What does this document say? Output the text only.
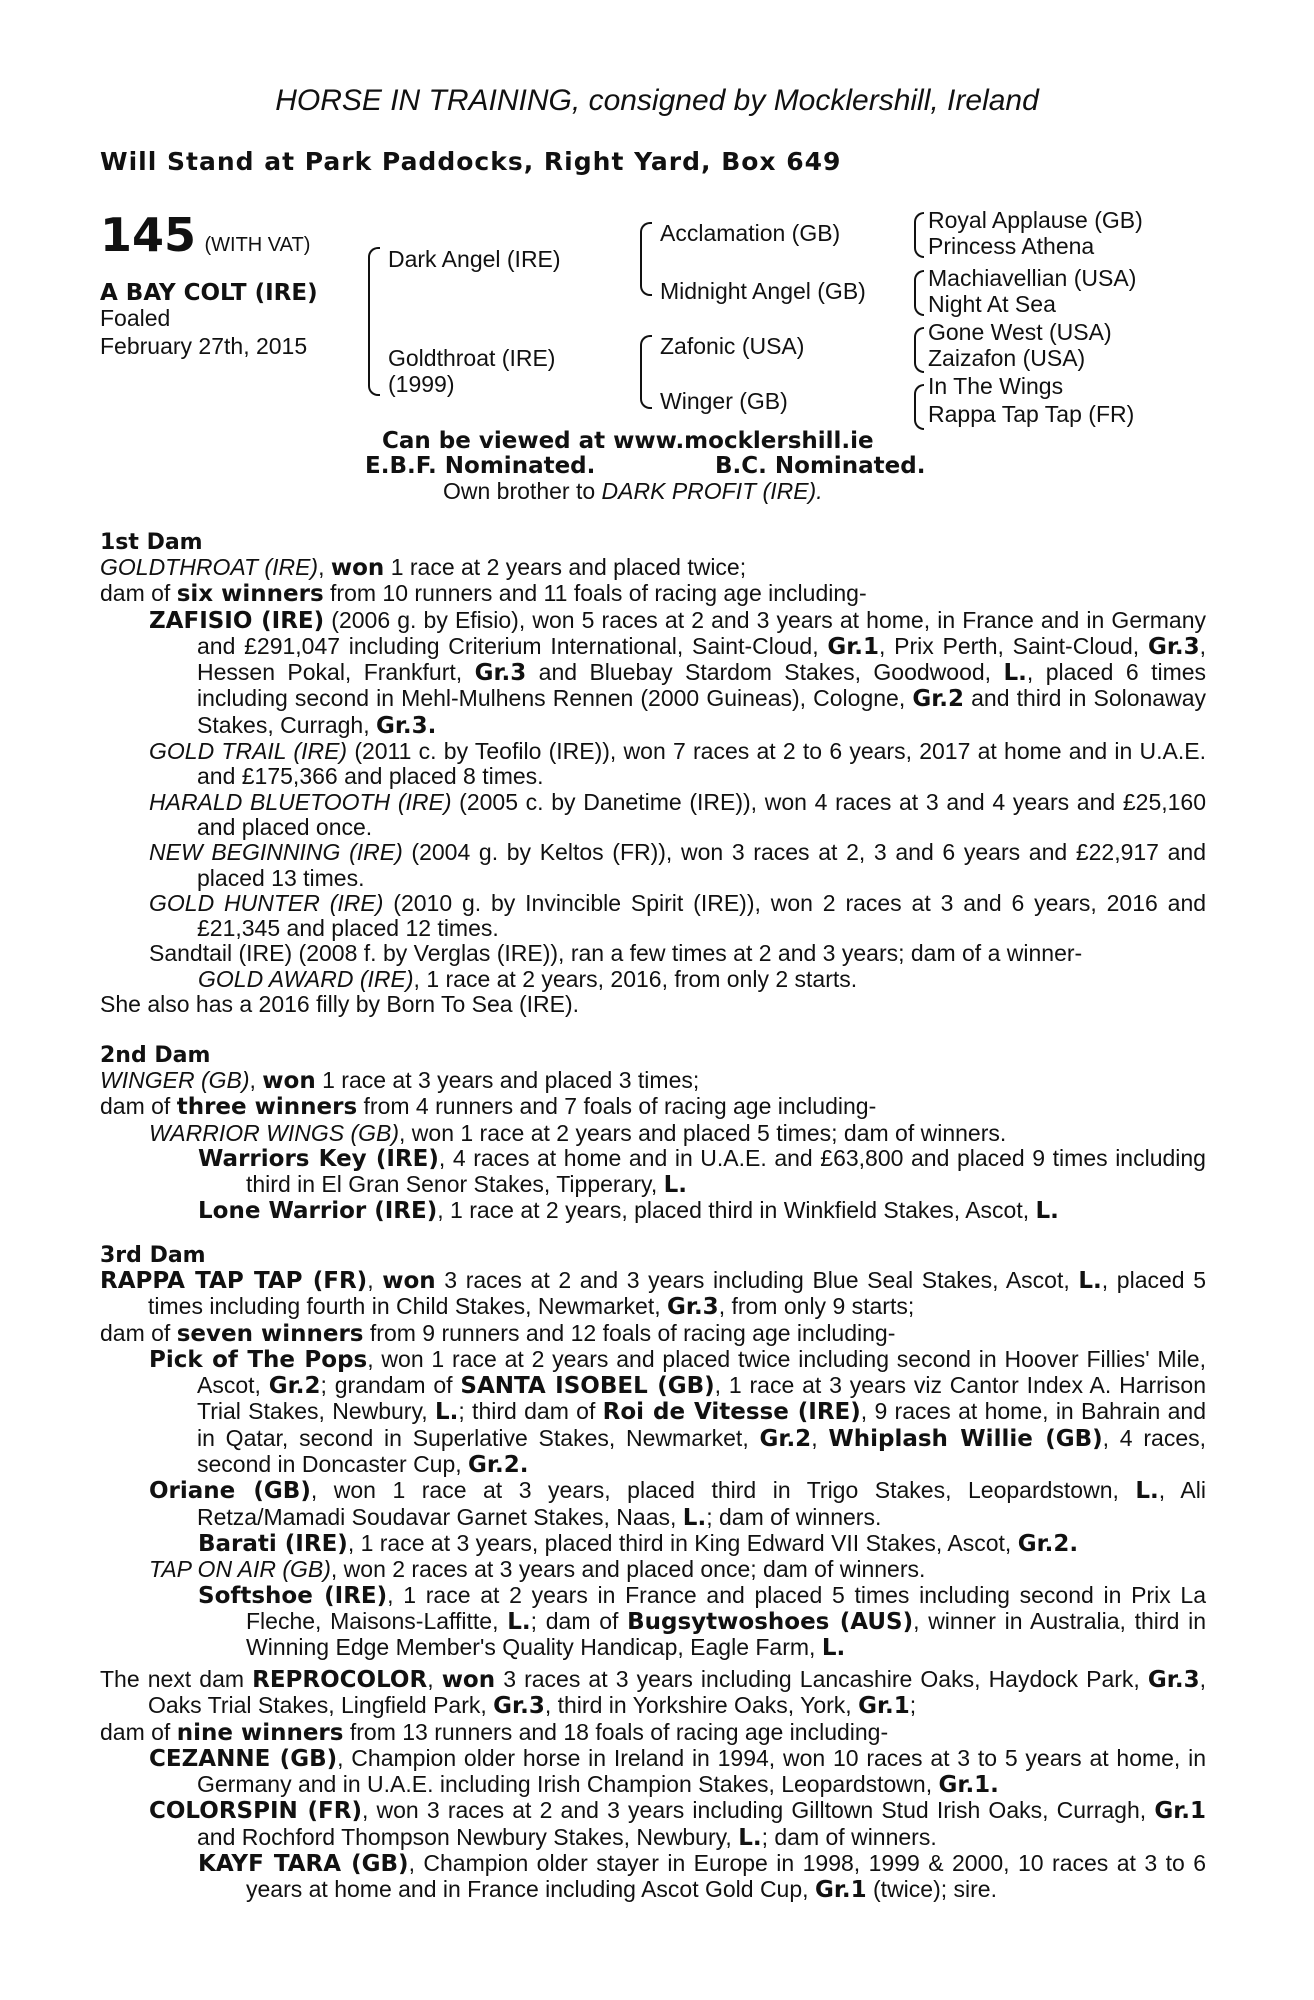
HORSE IN TRAINING, consigned by Mocklershill, Ireland
Will Stand at Park Paddocks, Right Yard, Box 649
145 (WITH VAT)
A BAY COLT (IRE)
Foaled
February 27th, 2015
Dark Angel (IRE)
Goldthroat (IRE)
(1999)
Acclamation (GB)
Midnight Angel (GB)
Zafonic (USA)
Winger (GB)
Royal Applause (GB)
Princess Athena
Machiavellian (USA)
Night At Sea
Gone West (USA)
Zaizafon (USA)
In The Wings
Rappa Tap Tap (FR)
Can be viewed at www.mocklershill.ie
E.B.F. Nominated.	B.C. Nominated.
Own brother to DARK PROFIT (IRE).
1st Dam
GOLDTHROAT (IRE), won 1 race at 2 years and placed twice;
dam of six winners from 10 runners and 11 foals of racing age including-
ZAFISIO (IRE) (2006 g. by Efisio), won 5 races at 2 and 3 years at home, in France and in Germany and £291,047 including Criterium International, Saint-Cloud, Gr.1, Prix Perth, Saint-Cloud, Gr.3, Hessen Pokal, Frankfurt, Gr.3 and Bluebay Stardom Stakes, Goodwood, L., placed 6 times including second in Mehl-Mulhens Rennen (2000 Guineas), Cologne, Gr.2 and third in Solonaway Stakes, Curragh, Gr.3.
GOLD TRAIL (IRE) (2011 c. by Teofilo (IRE)), won 7 races at 2 to 6 years, 2017 at home and in U.A.E. and £175,366 and placed 8 times.
HARALD BLUETOOTH (IRE) (2005 c. by Danetime (IRE)), won 4 races at 3 and 4 years and £25,160 and placed once.
NEW BEGINNING (IRE) (2004 g. by Keltos (FR)), won 3 races at 2, 3 and 6 years and £22,917 and placed 13 times.
GOLD HUNTER (IRE) (2010 g. by Invincible Spirit (IRE)), won 2 races at 3 and 6 years, 2016 and £21,345 and placed 12 times.
Sandtail (IRE) (2008 f. by Verglas (IRE)), ran a few times at 2 and 3 years; dam of a winner-
GOLD AWARD (IRE), 1 race at 2 years, 2016, from only 2 starts.
She also has a 2016 filly by Born To Sea (IRE).
2nd Dam
WINGER (GB), won 1 race at 3 years and placed 3 times;
dam of three winners from 4 runners and 7 foals of racing age including-
WARRIOR WINGS (GB), won 1 race at 2 years and placed 5 times; dam of winners.
Warriors Key (IRE), 4 races at home and in U.A.E. and £63,800 and placed 9 times including third in El Gran Senor Stakes, Tipperary, L.
Lone Warrior (IRE), 1 race at 2 years, placed third in Winkfield Stakes, Ascot, L.
3rd Dam
RAPPA TAP TAP (FR), won 3 races at 2 and 3 years including Blue Seal Stakes, Ascot, L., placed 5 times including fourth in Child Stakes, Newmarket, Gr.3, from only 9 starts;
dam of seven winners from 9 runners and 12 foals of racing age including-
Pick of The Pops, won 1 race at 2 years and placed twice including second in Hoover Fillies' Mile, Ascot, Gr.2; grandam of SANTA ISOBEL (GB), 1 race at 3 years viz Cantor Index A. Harrison Trial Stakes, Newbury, L.; third dam of Roi de Vitesse (IRE), 9 races at home, in Bahrain and in Qatar, second in Superlative Stakes, Newmarket, Gr.2, Whiplash Willie (GB), 4 races, second in Doncaster Cup, Gr.2.
Oriane (GB), won 1 race at 3 years, placed third in Trigo Stakes, Leopardstown, L., Ali Retza/Mamadi Soudavar Garnet Stakes, Naas, L.; dam of winners.
Barati (IRE), 1 race at 3 years, placed third in King Edward VII Stakes, Ascot, Gr.2.
TAP ON AIR (GB), won 2 races at 3 years and placed once; dam of winners.
Softshoe (IRE), 1 race at 2 years in France and placed 5 times including second in Prix La Fleche, Maisons-Laffitte, L.; dam of Bugsytwoshoes (AUS), winner in Australia, third in Winning Edge Member's Quality Handicap, Eagle Farm, L.
The next dam REPROCOLOR, won 3 races at 3 years including Lancashire Oaks, Haydock Park, Gr.3, Oaks Trial Stakes, Lingfield Park, Gr.3, third in Yorkshire Oaks, York, Gr.1;
dam of nine winners from 13 runners and 18 foals of racing age including-
CEZANNE (GB), Champion older horse in Ireland in 1994, won 10 races at 3 to 5 years at home, in Germany and in U.A.E. including Irish Champion Stakes, Leopardstown, Gr.1.
COLORSPIN (FR), won 3 races at 2 and 3 years including Gilltown Stud Irish Oaks, Curragh, Gr.1 and Rochford Thompson Newbury Stakes, Newbury, L.; dam of winners.
KAYF TARA (GB), Champion older stayer in Europe in 1998, 1999 & 2000, 10 races at 3 to 6 years at home and in France including Ascot Gold Cup, Gr.1 (twice); sire.
